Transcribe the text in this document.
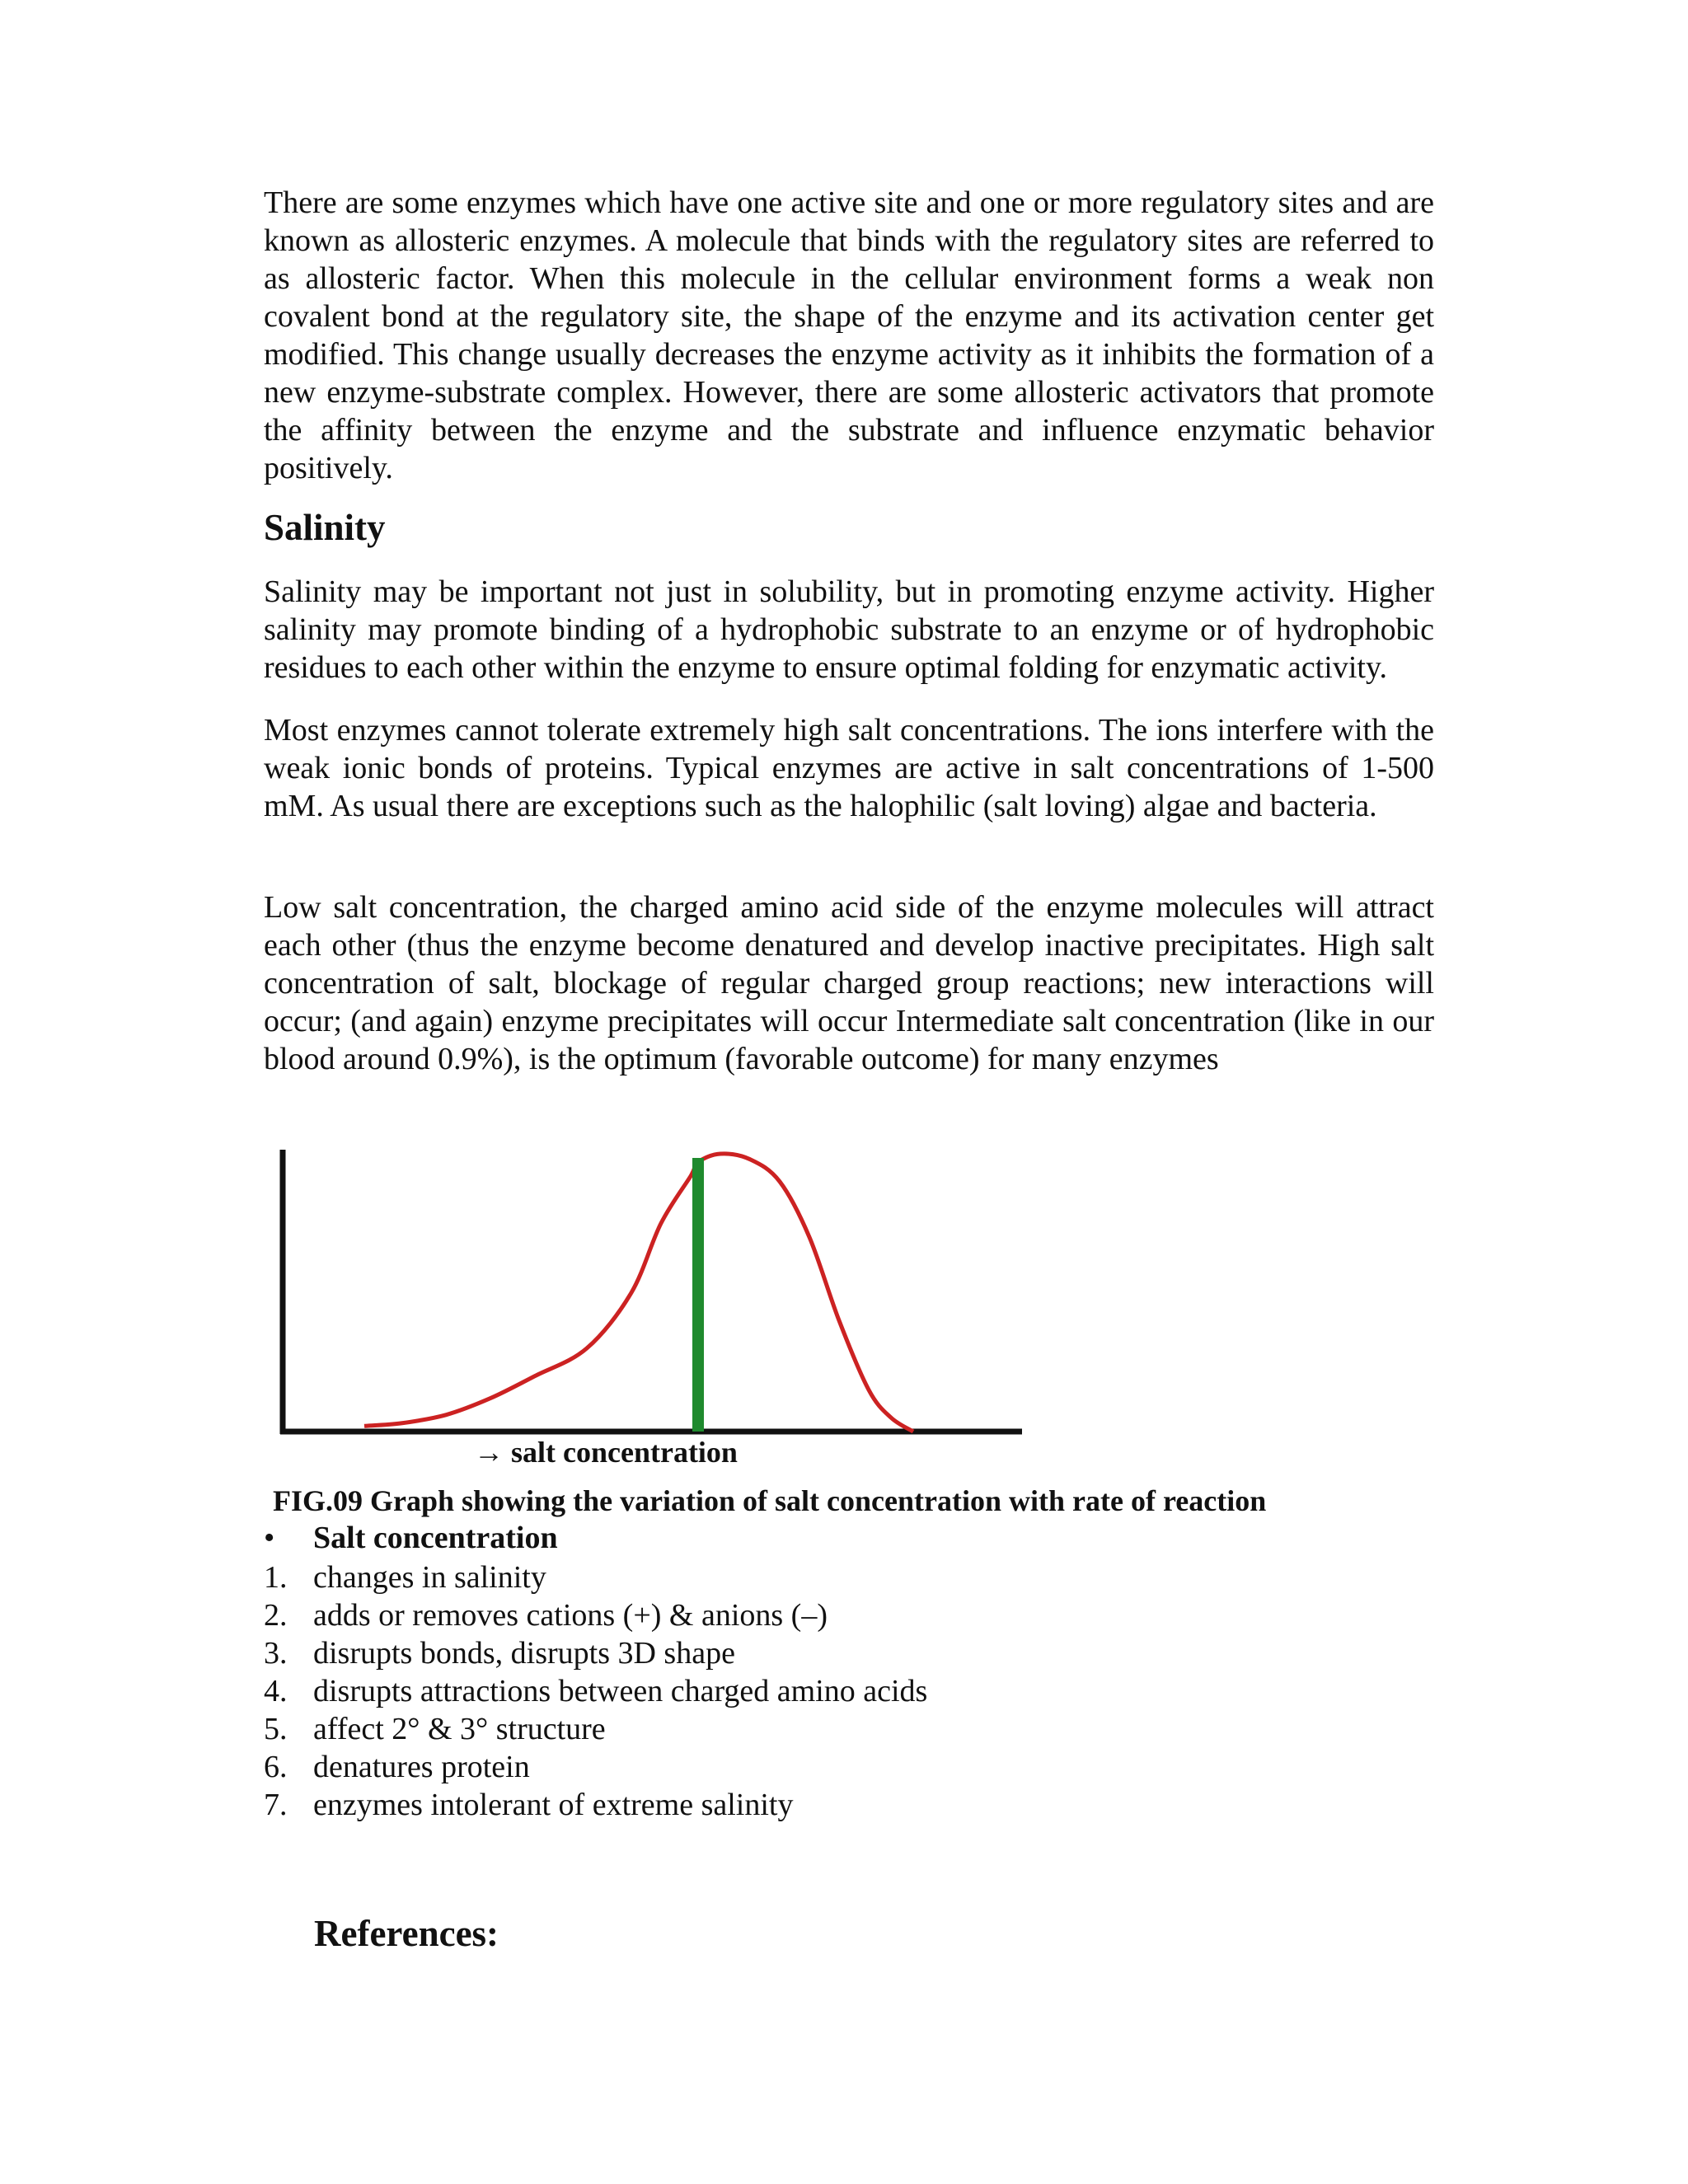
There are some enzymes which have one active site and one or more regulatory sites and are known as allosteric enzymes. A molecule that binds with the regulatory sites are referred to as allosteric factor. When this molecule in the cellular environment forms a weak non covalent bond at the regulatory site, the shape of the enzyme and its activation center get modified. This change usually decreases the enzyme activity as it inhibits the formation of a new enzyme-substrate complex. However, there are some allosteric activators that promote the affinity between the enzyme and the substrate and influence enzymatic behavior positively.

Salinity

Salinity may be important not just in solubility, but in promoting enzyme activity. Higher salinity may promote binding of a hydrophobic substrate to an enzyme or of hydrophobic residues to each other within the enzyme to ensure optimal folding for enzymatic activity.

Most enzymes cannot tolerate extremely high salt concentrations. The ions interfere with the weak ionic bonds of proteins. Typical enzymes are active in salt concentrations of 1-500 mM. As usual there are exceptions such as the halophilic (salt loving) algae and bacteria.

Low salt concentration, the charged amino acid side of the enzyme molecules will attract each other (thus the enzyme become denatured and develop inactive precipitates. High salt concentration of salt, blockage of regular charged group reactions; new interactions will occur; (and again) enzyme precipitates will occur Intermediate salt concentration (like in our blood around 0.9%), is the optimum (favorable outcome) for many enzymes

→ salt concentration

FIG.09 Graph showing the variation of salt concentration with rate of reaction

• Salt concentration
1. changes in salinity
2. adds or removes cations (+) & anions (–)
3. disrupts bonds, disrupts 3D shape
4. disrupts attractions between charged amino acids
5. affect 2° & 3° structure
6. denatures protein
7. enzymes intolerant of extreme salinity
References:
